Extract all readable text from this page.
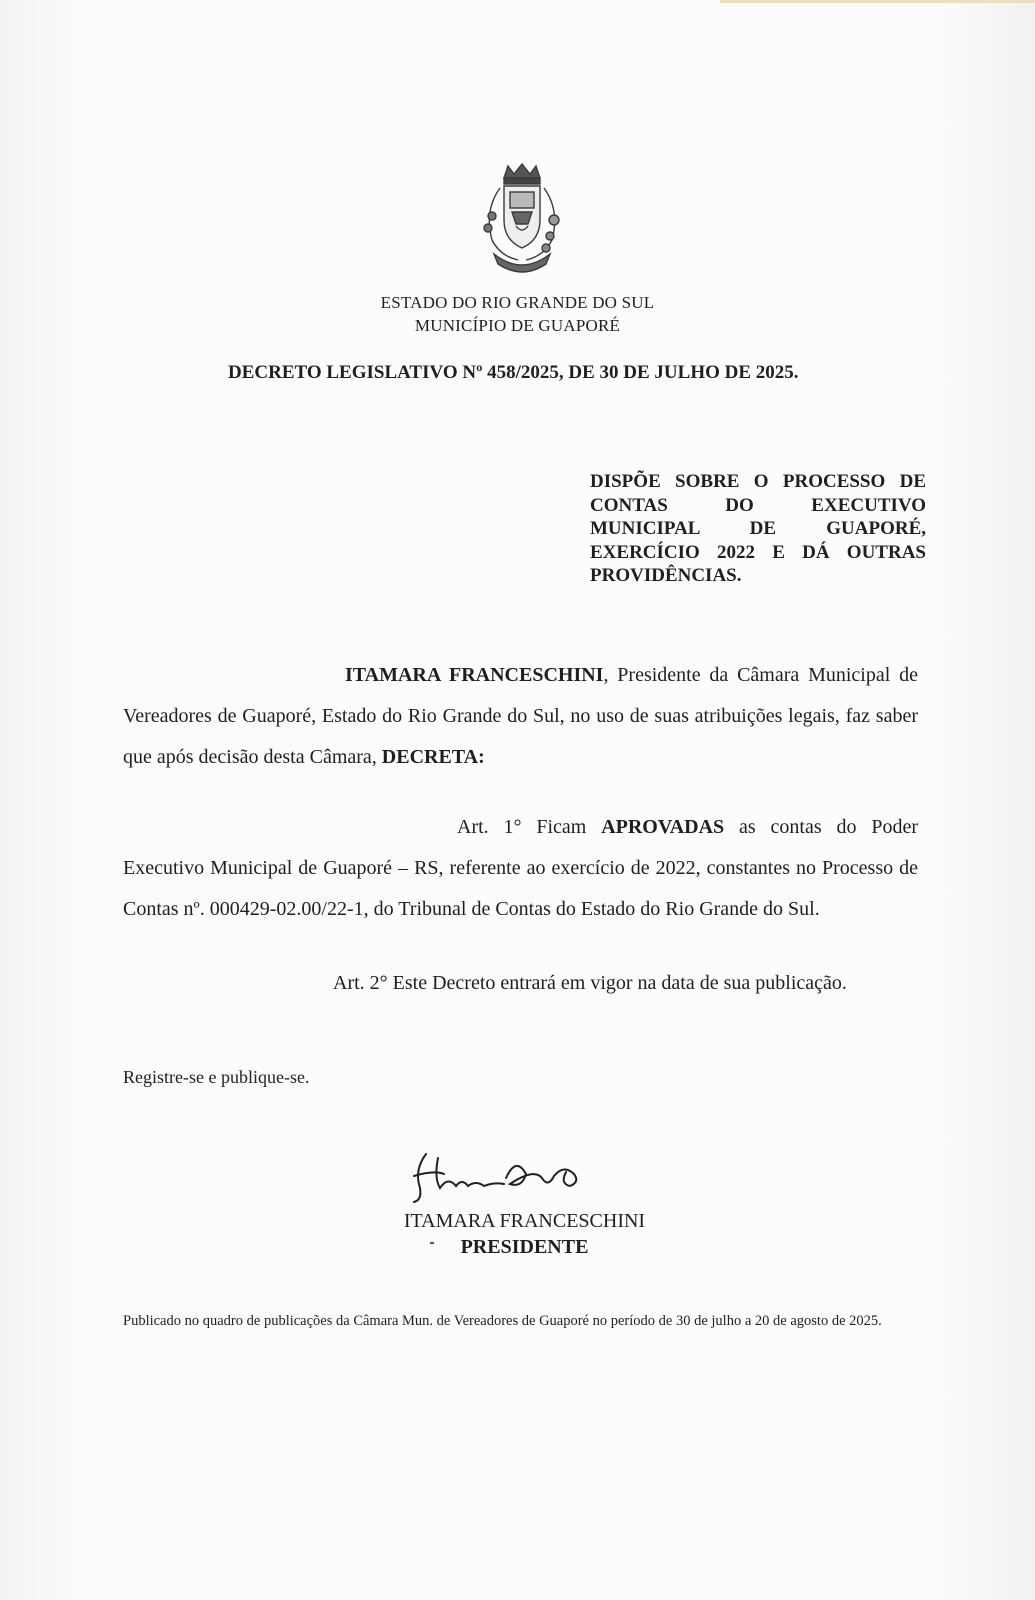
ESTADO DO RIO GRANDE DO SUL
MUNICÍPIO DE GUAPORÉ
DECRETO LEGISLATIVO Nº 458/2025, DE 30 DE JULHO DE 2025.
DISPÕE SOBRE O PROCESSO DE
CONTAS DO EXECUTIVO
MUNICIPAL DE GUAPORÉ,
EXERCÍCIO 2022 E DÁ OUTRAS
PROVIDÊNCIAS.
ITAMARA FRANCESCHINI, Presidente da Câmara Municipal de Vereadores de Guaporé, Estado do Rio Grande do Sul, no uso de suas atribuições legais, faz saber que após decisão desta Câmara, DECRETA:
Art. 1° Ficam APROVADAS as contas do Poder Executivo Municipal de Guaporé – RS, referente ao exercício de 2022, constantes no Processo de Contas nº. 000429-02.00/22-1, do Tribunal de Contas do Estado do Rio Grande do Sul.
Art. 2° Este Decreto entrará em vigor na data de sua publicação.
Registre-se e publique-se.
ITAMARA FRANCESCHINI
PRESIDENTE
Publicado no quadro de publicações da Câmara Mun. de Vereadores de Guaporé no período de 30 de julho a 20 de agosto de 2025.
